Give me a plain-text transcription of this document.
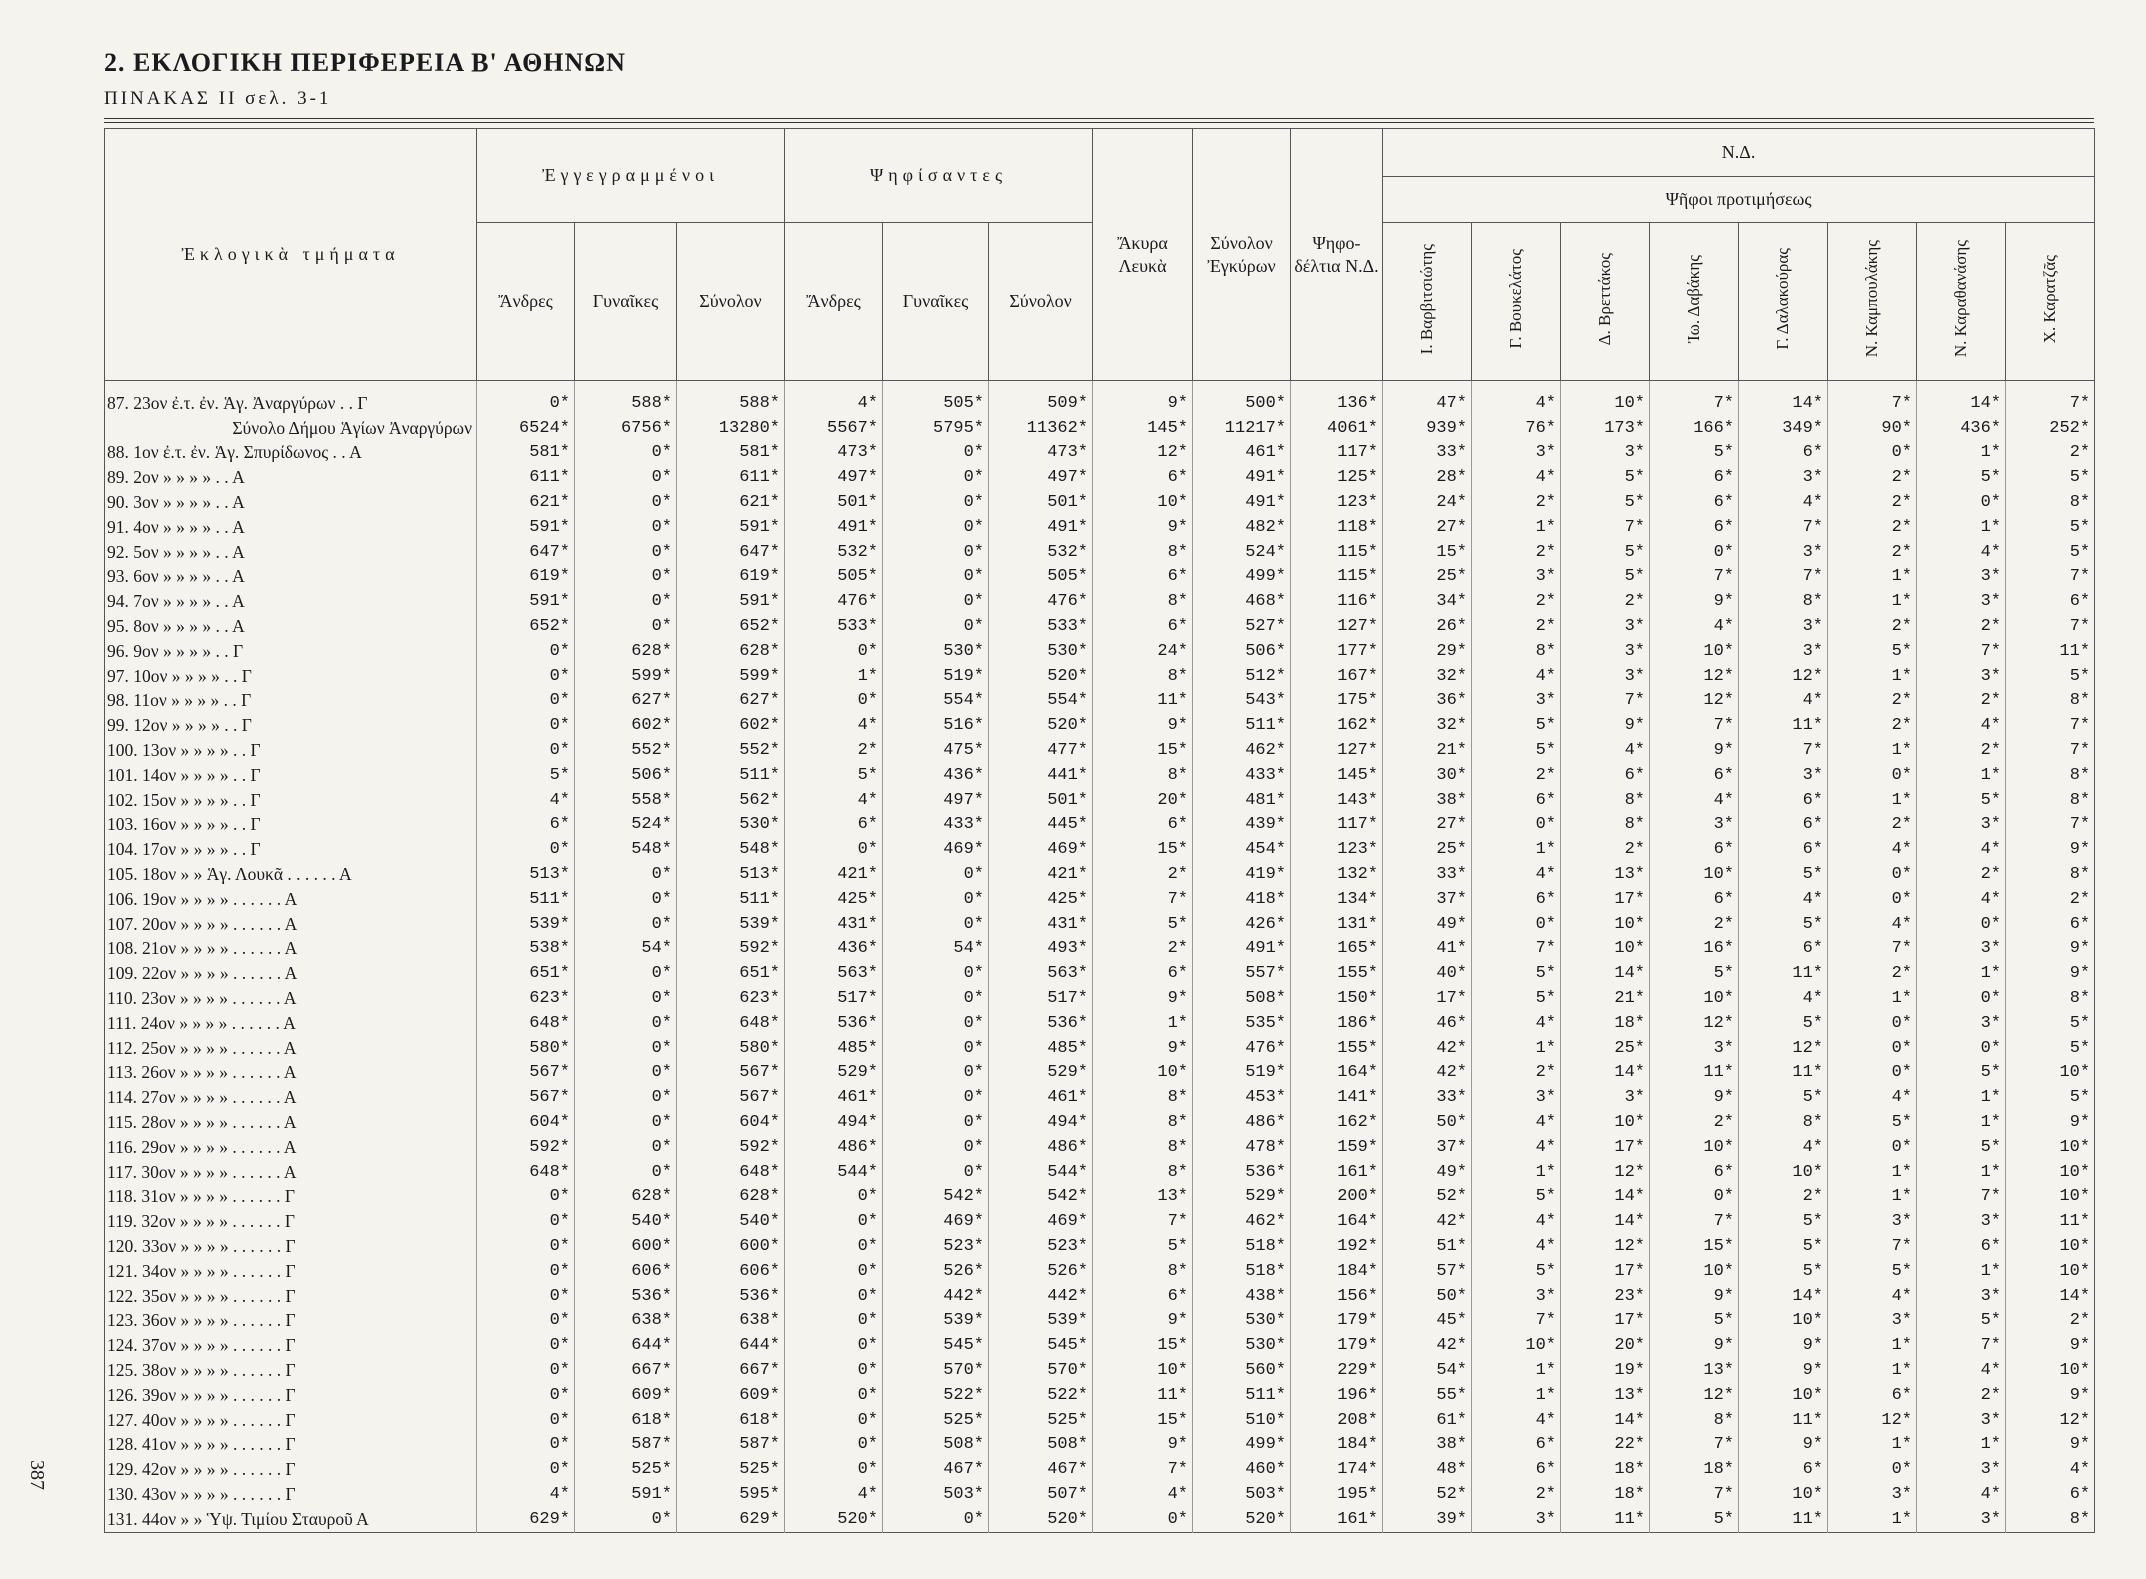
2. ΕΚΛΟΓΙΚΗ ΠΕΡΙΦΕΡΕΙΑ Β' ΑΘΗΝΩΝ
ΠΙΝΑΚΑΣ ΙΙ σελ. 3-1
387
Ἐκλογικὰ τμήματα	Ἐγγεγραμμένοι			Ψηφίσαντες			Ἄκυρα Λευκὰ	Σύνολον Ἐγκύρων	Ψηφο-δέλτια Ν.Δ.	Ν.Δ.							
										Ψῆφοι προτιμήσεως							
	Ἄνδρες	Γυναῖκες	Σύνολον	Ἄνδρες	Γυναῖκες	Σύνολον				Ι. Βαρβιτσιώτης	Γ. Βουκελάτος	Δ. Βρεττάκος	Ἰω. Δαβάκης	Γ. Δαλακούρας	Ν. Καμπουλάκης	Ν. Καραθανάσης	Χ. Καρατζᾶς
87. 23ον ἐ.τ. ἐν. Ἁγ. Ἀναργύρων . . Γ	0*	588*	588*	4*	505*	509*	9*	500*	136*	47*	4*	10*	7*	14*	7*	14*	7*
Σύνολο Δήμου Ἁγίων Ἀναργύρων	6524*	6756*	13280*	5567*	5795*	11362*	145*	11217*	4061*	939*	76*	173*	166*	349*	90*	436*	252*
88. 1ον ἐ.τ. ἐν. Ἁγ. Σπυρίδωνος . . Α	581*	0*	581*	473*	0*	473*	12*	461*	117*	33*	3*	3*	5*	6*	0*	1*	2*
89. 2ον » » » » . . Α	611*	0*	611*	497*	0*	497*	6*	491*	125*	28*	4*	5*	6*	3*	2*	5*	5*
90. 3ον » » » » . . Α	621*	0*	621*	501*	0*	501*	10*	491*	123*	24*	2*	5*	6*	4*	2*	0*	8*
91. 4ον » » » » . . Α	591*	0*	591*	491*	0*	491*	9*	482*	118*	27*	1*	7*	6*	7*	2*	1*	5*
92. 5ον » » » » . . Α	647*	0*	647*	532*	0*	532*	8*	524*	115*	15*	2*	5*	0*	3*	2*	4*	5*
93. 6ον » » » » . . Α	619*	0*	619*	505*	0*	505*	6*	499*	115*	25*	3*	5*	7*	7*	1*	3*	7*
94. 7ον » » » » . . Α	591*	0*	591*	476*	0*	476*	8*	468*	116*	34*	2*	2*	9*	8*	1*	3*	6*
95. 8ον » » » » . . Α	652*	0*	652*	533*	0*	533*	6*	527*	127*	26*	2*	3*	4*	3*	2*	2*	7*
96. 9ον » » » » . . Γ	0*	628*	628*	0*	530*	530*	24*	506*	177*	29*	8*	3*	10*	3*	5*	7*	11*
97. 10ον » » » » . . Γ	0*	599*	599*	1*	519*	520*	8*	512*	167*	32*	4*	3*	12*	12*	1*	3*	5*
98. 11ον » » » » . . Γ	0*	627*	627*	0*	554*	554*	11*	543*	175*	36*	3*	7*	12*	4*	2*	2*	8*
99. 12ον » » » » . . Γ	0*	602*	602*	4*	516*	520*	9*	511*	162*	32*	5*	9*	7*	11*	2*	4*	7*
100. 13ον » » » » . . Γ	0*	552*	552*	2*	475*	477*	15*	462*	127*	21*	5*	4*	9*	7*	1*	2*	7*
101. 14ον » » » » . . Γ	5*	506*	511*	5*	436*	441*	8*	433*	145*	30*	2*	6*	6*	3*	0*	1*	8*
102. 15ον » » » » . . Γ	4*	558*	562*	4*	497*	501*	20*	481*	143*	38*	6*	8*	4*	6*	1*	5*	8*
103. 16ον » » » » . . Γ	6*	524*	530*	6*	433*	445*	6*	439*	117*	27*	0*	8*	3*	6*	2*	3*	7*
104. 17ον » » » » . . Γ	0*	548*	548*	0*	469*	469*	15*	454*	123*	25*	1*	2*	6*	6*	4*	4*	9*
105. 18ον » » Ἁγ. Λουκᾶ . . . . . . Α	513*	0*	513*	421*	0*	421*	2*	419*	132*	33*	4*	13*	10*	5*	0*	2*	8*
106. 19ον » » » » . . . . . . Α	511*	0*	511*	425*	0*	425*	7*	418*	134*	37*	6*	17*	6*	4*	0*	4*	2*
107. 20ον » » » » . . . . . . Α	539*	0*	539*	431*	0*	431*	5*	426*	131*	49*	0*	10*	2*	5*	4*	0*	6*
108. 21ον » » » » . . . . . . Α	538*	54*	592*	436*	54*	493*	2*	491*	165*	41*	7*	10*	16*	6*	7*	3*	9*
109. 22ον » » » » . . . . . . Α	651*	0*	651*	563*	0*	563*	6*	557*	155*	40*	5*	14*	5*	11*	2*	1*	9*
110. 23ον » » » » . . . . . . Α	623*	0*	623*	517*	0*	517*	9*	508*	150*	17*	5*	21*	10*	4*	1*	0*	8*
111. 24ον » » » » . . . . . . Α	648*	0*	648*	536*	0*	536*	1*	535*	186*	46*	4*	18*	12*	5*	0*	3*	5*
112. 25ον » » » » . . . . . . Α	580*	0*	580*	485*	0*	485*	9*	476*	155*	42*	1*	25*	3*	12*	0*	0*	5*
113. 26ον » » » » . . . . . . Α	567*	0*	567*	529*	0*	529*	10*	519*	164*	42*	2*	14*	11*	11*	0*	5*	10*
114. 27ον » » » » . . . . . . Α	567*	0*	567*	461*	0*	461*	8*	453*	141*	33*	3*	3*	9*	5*	4*	1*	5*
115. 28ον » » » » . . . . . . Α	604*	0*	604*	494*	0*	494*	8*	486*	162*	50*	4*	10*	2*	8*	5*	1*	9*
116. 29ον » » » » . . . . . . Α	592*	0*	592*	486*	0*	486*	8*	478*	159*	37*	4*	17*	10*	4*	0*	5*	10*
117. 30ον » » » » . . . . . . Α	648*	0*	648*	544*	0*	544*	8*	536*	161*	49*	1*	12*	6*	10*	1*	1*	10*
118. 31ον » » » » . . . . . . Γ	0*	628*	628*	0*	542*	542*	13*	529*	200*	52*	5*	14*	0*	2*	1*	7*	10*
119. 32ον » » » » . . . . . . Γ	0*	540*	540*	0*	469*	469*	7*	462*	164*	42*	4*	14*	7*	5*	3*	3*	11*
120. 33ον » » » » . . . . . . Γ	0*	600*	600*	0*	523*	523*	5*	518*	192*	51*	4*	12*	15*	5*	7*	6*	10*
121. 34ον » » » » . . . . . . Γ	0*	606*	606*	0*	526*	526*	8*	518*	184*	57*	5*	17*	10*	5*	5*	1*	10*
122. 35ον » » » » . . . . . . Γ	0*	536*	536*	0*	442*	442*	6*	438*	156*	50*	3*	23*	9*	14*	4*	3*	14*
123. 36ον » » » » . . . . . . Γ	0*	638*	638*	0*	539*	539*	9*	530*	179*	45*	7*	17*	5*	10*	3*	5*	2*
124. 37ον » » » » . . . . . . Γ	0*	644*	644*	0*	545*	545*	15*	530*	179*	42*	10*	20*	9*	9*	1*	7*	9*
125. 38ον » » » » . . . . . . Γ	0*	667*	667*	0*	570*	570*	10*	560*	229*	54*	1*	19*	13*	9*	1*	4*	10*
126. 39ον » » » » . . . . . . Γ	0*	609*	609*	0*	522*	522*	11*	511*	196*	55*	1*	13*	12*	10*	6*	2*	9*
127. 40ον » » » » . . . . . . Γ	0*	618*	618*	0*	525*	525*	15*	510*	208*	61*	4*	14*	8*	11*	12*	3*	12*
128. 41ον » » » » . . . . . . Γ	0*	587*	587*	0*	508*	508*	9*	499*	184*	38*	6*	22*	7*	9*	1*	1*	9*
129. 42ον » » » » . . . . . . Γ	0*	525*	525*	0*	467*	467*	7*	460*	174*	48*	6*	18*	18*	6*	0*	3*	4*
130. 43ον » » » » . . . . . . Γ	4*	591*	595*	4*	503*	507*	4*	503*	195*	52*	2*	18*	7*	10*	3*	4*	6*
131. 44ον » » Ὑψ. Τιμίου Σταυροῦ Α	629*	0*	629*	520*	0*	520*	0*	520*	161*	39*	3*	11*	5*	11*	1*	3*	8*
